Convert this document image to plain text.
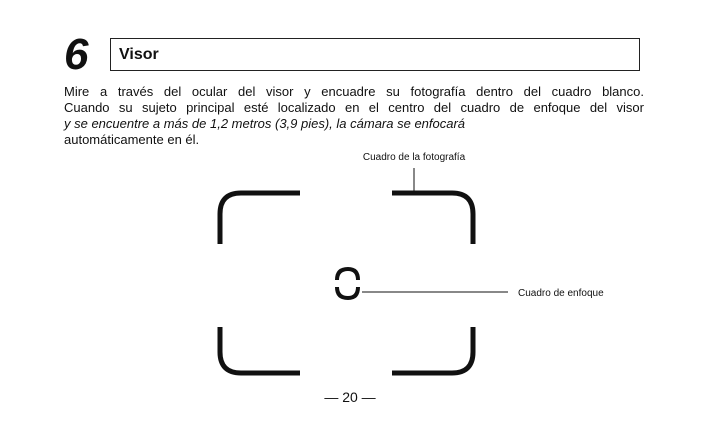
6 Visor
Mire a través del ocular del visor y encuadre su fotografía dentro del cuadro blanco.
Cuando su sujeto principal esté localizado en el centro del cuadro de enfoque del visor
y se encuentre a más de 1,2 metros (3,9 pies), la cámara se enfocará
automáticamente en él.
Cuadro de la fotografía
Cuadro de enfoque
— 20 —
